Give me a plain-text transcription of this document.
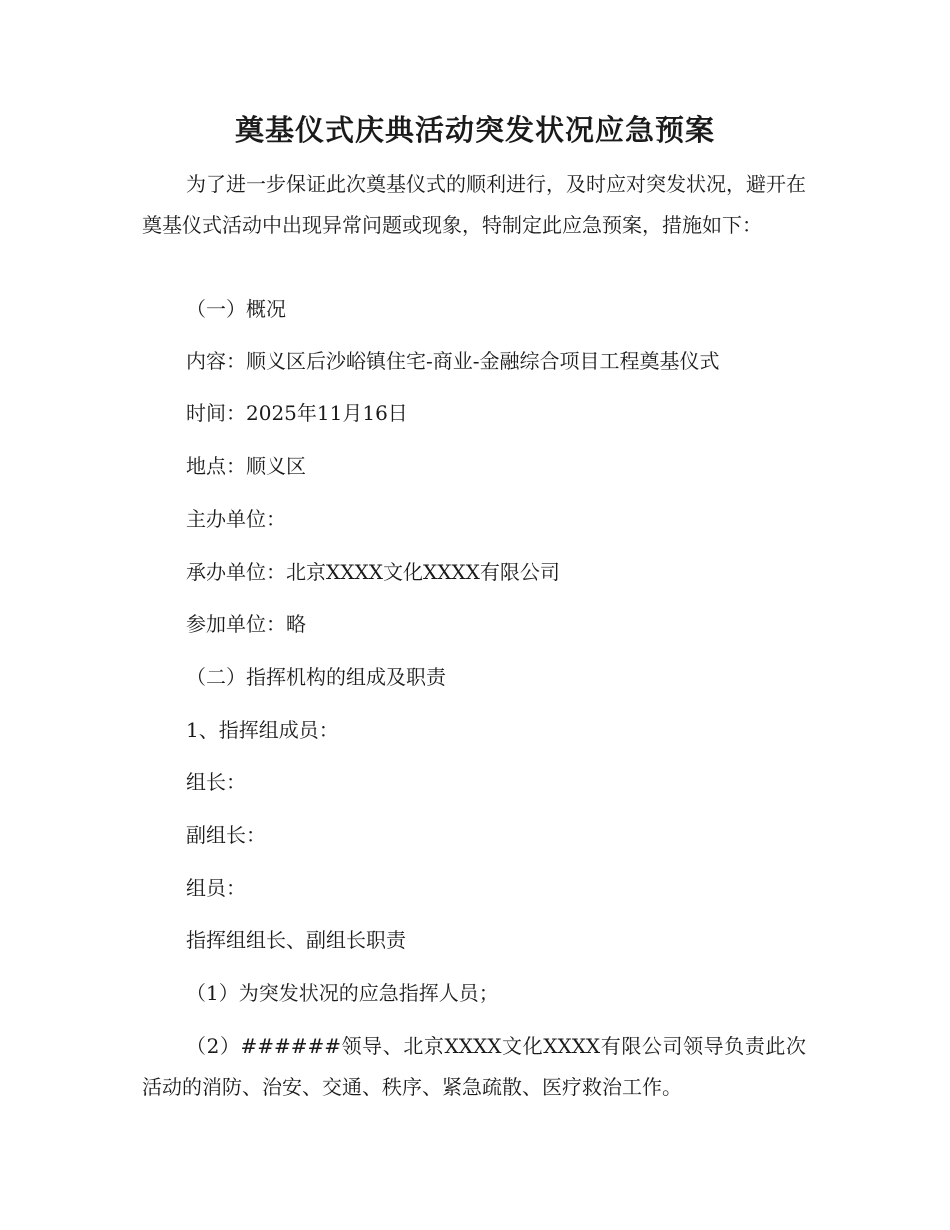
奠基仪式庆典活动突发状况应急预案

为了进一步保证此次奠基仪式的顺利进行，及时应对突发状况，避开在奠基仪式活动中出现异常问题或现象，特制定此应急预案，措施如下：

（一）概况

内容：顺义区后沙峪镇住宅-商业-金融综合项目工程奠基仪式

时间：2025年11月16日

地点：顺义区

主办单位：

承办单位：北京XXXX文化XXXX有限公司

参加单位：略

（二）指挥机构的组成及职责

1、指挥组成员：

组长：

副组长：

组员：

指挥组组长、副组长职责

（1）为突发状况的应急指挥人员；

（2）######领导、北京XXXX文化XXXX有限公司领导负责此次活动的消防、治安、交通、秩序、紧急疏散、医疗救治工作。
